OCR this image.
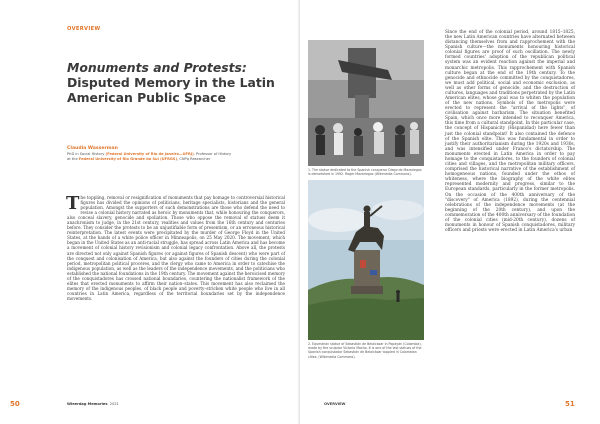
OVERVIEW
Monuments and Protests:
Disputed Memory in the Latin American Public Space
Claudia Wasserman
PhD in Social History (Federal University of Rio de Janeiro—UFRJ). Professor of History
at the Federal University of Rio Grande do Sul (UFRGS), CNPq Researcher
The toppling, removal or resignification of monuments that pay homage to controversial historical figures has divided the opinions of politicians, heritage specialists, historians and the general population. Amongst the supporters of such demonstrations are those who defend the need to revise a colonial history narrated as heroic by monuments that, while honouring the conquerors, also conceal slavery, genocide and spoliation. Those who oppose the removal of statues deem it anachronism to judge, in the 21st century, realities and values from the 16th century and centuries before. They consider the protests to be an unjustifiable form of presentism, or an erroneous historical reinterpretation. The latest events were precipitated by the murder of George Floyd in the United States, at the hands of a white police officer in Minneapolis, on 25 May 2020. The movement, which began in the United States as an anti-racial struggle, has spread across Latin America and has become a movement of colonial history revisionism and colonial legacy confrontation. Above all, the protests are directed not only against Spanish figures (or against figures of Spanish descent) who were part of the conquest and colonisation of America, but also against the founders of cities during the colonial period, metropolitan political proceres, and the clergy who came to America in order to catechise the indigenous population, as well as the leaders of the independence movements, and the politicians who established the national foundations in the 19th century. The movement against the heroicised memory of the conquistadores has crossed national boundaries, countering the nationalist framework of the elites that erected monuments to affirm their nation–states. This movement has also reclaimed the memory of the indigenous peoples, of black people and poverty–stricken white people who live in all countries in Latin America, regardless of the territorial boundaries set by the independence movements.
50	Wieerdag Memories 2021
1. The statue dedicated to the Spanish conqueror Diego de Mazariegos is demolished in 1992. Roger Mazariegos (Wikimedia Commons).
2. Equestrian statue of Sebastián de Belalcázar in Popayán (Colombia), made by the sculptor Victorio Macho. It is one of the last statues of the Spanish conquistador Sebastián de Belalcázar toppled in Colombian cities. (Wikimedia Commons).
Since the end of the colonial period, around 1815–1825, the new Latin American countries have alternated between distancing themselves from and rapprochement with the Spanish culture—the monuments honouring historical colonial figures are proof of such oscillation. The newly formed countries' adoption of the republican political system was an evident reaction against the imperial and monarchic metropolis. This rapprochement with Spanish culture began at the end of the 19th century. To the genocide and ethnocide committed by the conquistadores, we must add political, social and economic exclusion, as well as other forms of genocide, and the destruction of cultures, languages and traditions perpetrated by the Latin American elites, whose goal was to whiten the population of the new nations. Symbols of the metropolis were erected to represent the "arrival of the lights", of civilisation against barbarism. The situation benefited Spain, which once more intended to reconquer America, this time from a cultural standpoint. In this particular case, the concept of Hispanicity (Hispanidad) here fewer than just the colonial standpoint! It also contained the defence of the Spanish elite. This was fundamental in order to justify their authoritarianism during the 1920s and 1930s, and was intensified under Franco's dictatorship. The monuments erected in Latin America in order to pay homage to the conquistadores, to the founders of colonial cities and villages, and the metropolitan military officers, comprised the historical narrative of the establishment of homogeneous nations, founded under the ethos of whiteness, where the biography of the white elites represented modernity and progress, similar to the European standards, particularly in the former metropolis. On the occasion of the 400th anniversary of the "discovery" of America (1892), during the centennial celebrations of the independence movements (at the beginning of the 20th century), and upon the commemoration of the 400th anniversary of the foundation of the colonial cities (mid-20th century), dozens of monuments in honour of Spanish conquistadores, military officers and priests were erected in Latin America's urban
OVERVIEW	51
